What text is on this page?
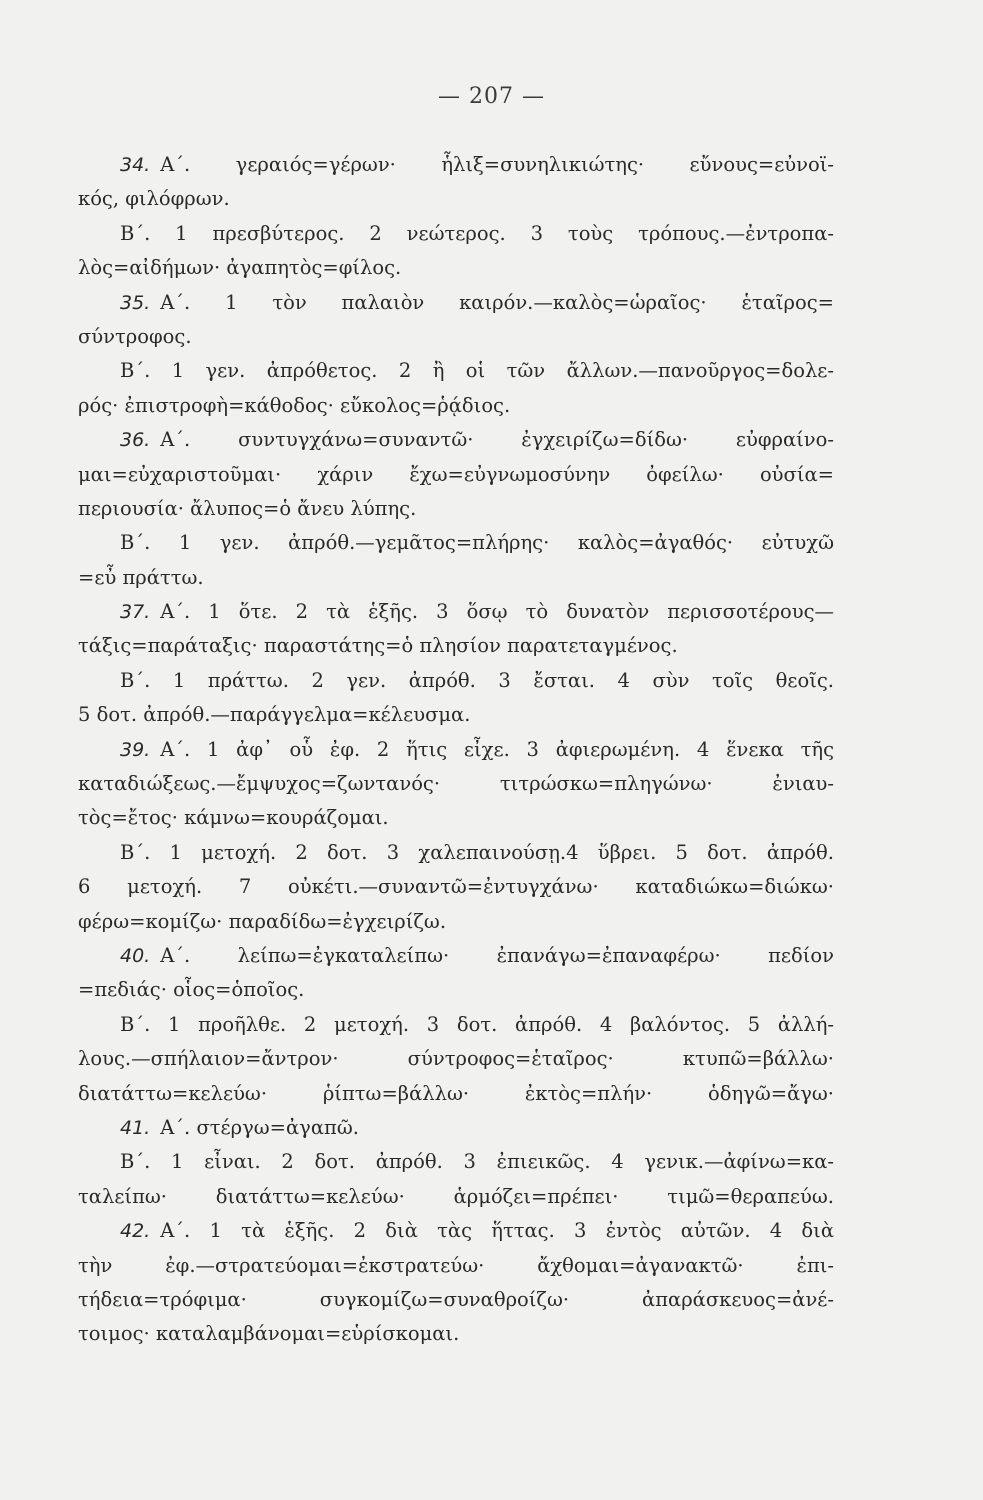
— 207 —
34. Α΄. γεραιός=γέρων· ἧλιξ=συνηλικιώτης· εὔνους=εὐνοϊ-
κός, φιλόφρων.
Β΄. 1 πρεσβύτερος. 2 νεώτερος. 3 τοὺς τρόπους.—ἐντροπα-
λὸς=αἰδήμων· ἀγαπητὸς=φίλος.
35. Α΄. 1 τὸν παλαιὸν καιρόν.—καλὸς=ὡραῖος· ἑταῖρος=
σύντροφος.
Β΄. 1 γεν. ἀπρόθετος. 2 ἢ οἱ τῶν ἄλλων.—πανοῦργος=δολε-
ρός· ἐπιστροφὴ=κάθοδος· εὔκολος=ῥᾴδιος.
36. Α΄. συντυγχάνω=συναντῶ· ἐγχειρίζω=δίδω· εὐφραίνο-
μαι=εὐχαριστοῦμαι· χάριν ἔχω=εὐγνωμοσύνην ὀφείλω· οὐσία=
περιουσία· ἄλυπος=ὁ ἄνευ λύπης.
Β΄. 1 γεν. ἀπρόθ.—γεμᾶτος=πλήρης· καλὸς=ἀγαθός· εὐτυχῶ
=εὖ πράττω.
37. Α΄. 1 ὅτε. 2 τὰ ἑξῆς. 3 ὅσῳ τὸ δυνατὸν περισσοτέρους—
τάξις=παράταξις· παραστάτης=ὁ πλησίον παρατεταγμένος.
Β΄. 1 πράττω. 2 γεν. ἀπρόθ. 3 ἔσται. 4 σὺν τοῖς θεοῖς.
5 δοτ. ἀπρόθ.—παράγγελμα=κέλευσμα.
39. Α΄. 1 ἀφ᾽ οὗ ἐφ. 2 ἥτις εἶχε. 3 ἀφιερωμένη. 4 ἕνεκα τῆς
καταδιώξεως.—ἔμψυχος=ζωντανός· τιτρώσκω=πληγώνω· ἐνιαυ-
τὸς=ἔτος· κάμνω=κουράζομαι.
Β΄. 1 μετοχή. 2 δοτ. 3 χαλεπαινούσῃ.4 ὕβρει. 5 δοτ. ἀπρόθ.
6 μετοχή. 7 οὐκέτι.—συναντῶ=ἐντυγχάνω· καταδιώκω=διώκω·
φέρω=κομίζω· παραδίδω=ἐγχειρίζω.
40. Α΄. λείπω=ἐγκαταλείπω· ἐπανάγω=ἐπαναφέρω· πεδίον
=πεδιάς· οἷος=ὁποῖος.
Β΄. 1 προῆλθε. 2 μετοχή. 3 δοτ. ἀπρόθ. 4 βαλόντος. 5 ἀλλή-
λους.—σπήλαιον=ἄντρον· σύντροφος=ἑταῖρος· κτυπῶ=βάλλω·
διατάττω=κελεύω· ῥίπτω=βάλλω· ἐκτὸς=πλήν· ὁδηγῶ=ἄγω·
41. Α΄. στέργω=ἀγαπῶ.
Β΄. 1 εἶναι. 2 δοτ. ἀπρόθ. 3 ἐπιεικῶς. 4 γενικ.—ἀφίνω=κα-
ταλείπω· διατάττω=κελεύω· ἁρμόζει=πρέπει· τιμῶ=θεραπεύω.
42. Α΄. 1 τὰ ἑξῆς. 2 διὰ τὰς ἥττας. 3 ἐντὸς αὐτῶν. 4 διὰ
τὴν ἐφ.—στρατεύομαι=ἐκστρατεύω· ἄχθομαι=ἀγανακτῶ· ἐπι-
τήδεια=τρόφιμα· συγκομίζω=συναθροίζω· ἀπαράσκευος=ἀνέ-
τοιμος· καταλαμβάνομαι=εὑρίσκομαι.
